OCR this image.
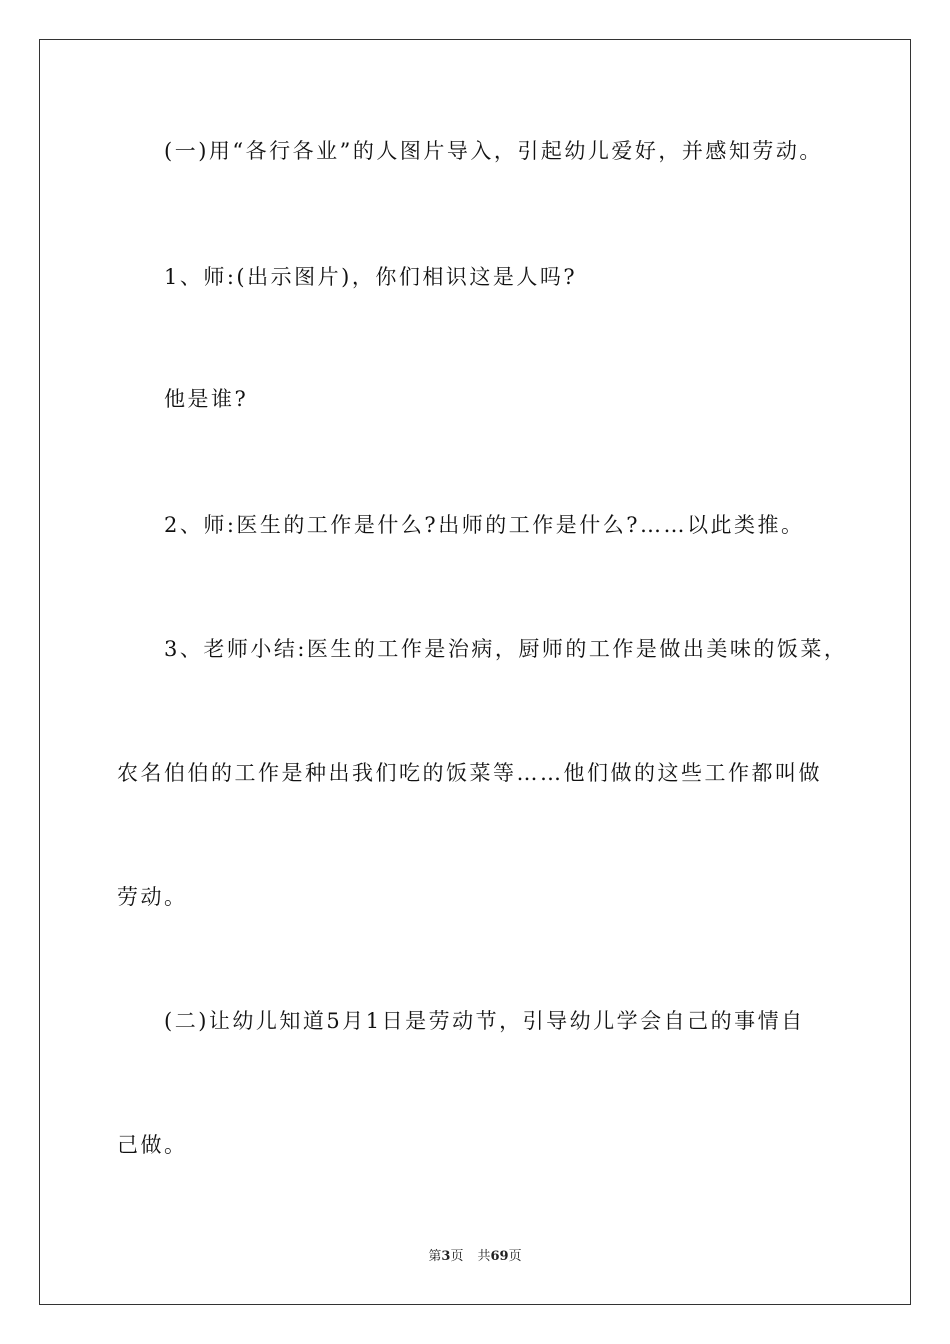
(一)用“各行各业”的人图片导入，引起幼儿爱好，并感知劳动。
1、师:(出示图片)，你们相识这是人吗?
他是谁?
2、师:医生的工作是什么?出师的工作是什么?……以此类推。
3、老师小结:医生的工作是治病，厨师的工作是做出美味的饭菜，
农名伯伯的工作是种出我们吃的饭菜等……他们做的这些工作都叫做
劳动。
(二)让幼儿知道5月1日是劳动节，引导幼儿学会自己的事情自
己做。
第3页 共69页
